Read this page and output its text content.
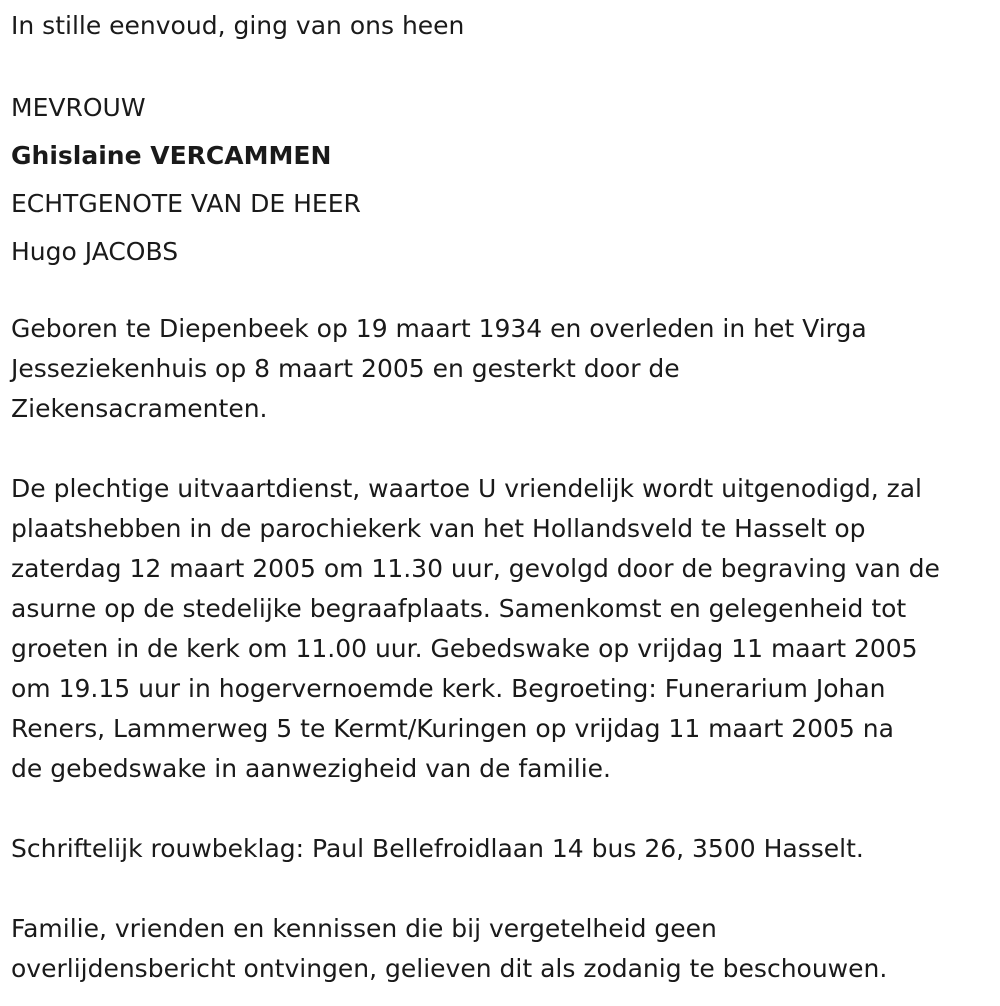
In stille eenvoud, ging van ons heen

MEVROUW

Ghislaine VERCAMMEN

ECHTGENOTE VAN DE HEER

Hugo JACOBS

Geboren te Diepenbeek op 19 maart 1934 en overleden in het Virga

Jesseziekenhuis op 8 maart 2005 en gesterkt door de

Ziekensacramenten.

De plechtige uitvaartdienst, waartoe U vriendelijk wordt uitgenodigd, zal

plaatshebben in de parochiekerk van het Hollandsveld te Hasselt op

zaterdag 12 maart 2005 om 11.30 uur, gevolgd door de begraving van de

asurne op de stedelijke begraafplaats. Samenkomst en gelegenheid tot

groeten in de kerk om 11.00 uur. Gebedswake op vrijdag 11 maart 2005

om 19.15 uur in hogervernoemde kerk. Begroeting: Funerarium Johan

Reners, Lammerweg 5 te Kermt/Kuringen op vrijdag 11 maart 2005 na

de gebedswake in aanwezigheid van de familie.

Schriftelijk rouwbeklag: Paul Bellefroidlaan 14 bus 26, 3500 Hasselt.

Familie, vrienden en kennissen die bij vergetelheid geen

overlijdensbericht ontvingen, gelieven dit als zodanig te beschouwen.
